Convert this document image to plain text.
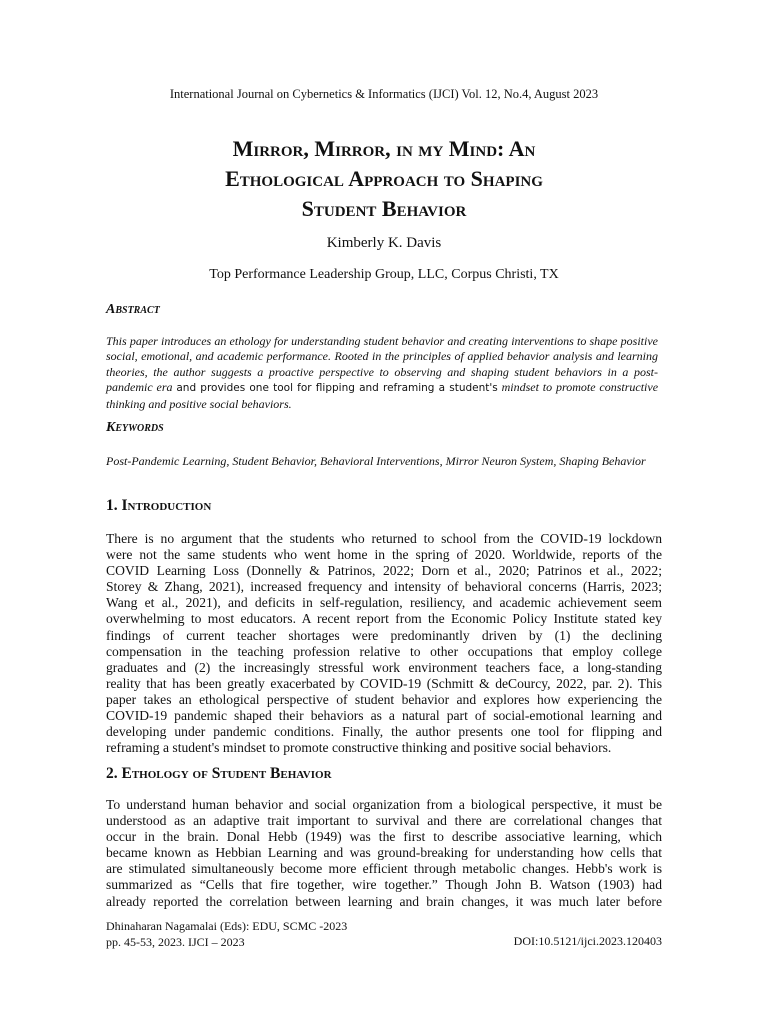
International Journal on Cybernetics & Informatics (IJCI) Vol. 12, No.4, August 2023
Mirror, Mirror, in my Mind: An
Ethological Approach to Shaping
Student Behavior
Kimberly K. Davis
Top Performance Leadership Group, LLC, Corpus Christi, TX
Abstract

This paper introduces an ethology for understanding student behavior and creating interventions to shape positive social, emotional, and academic performance. Rooted in the principles of applied behavior analysis and learning theories, the author suggests a proactive perspective to observing and shaping student behaviors in a post-pandemic era and provides one tool for flipping and reframing a student's mindset to promote constructive thinking and positive social behaviors.

Keywords

Post-Pandemic Learning, Student Behavior, Behavioral Interventions, Mirror Neuron System, Shaping Behavior

1. Introduction
There is no argument that the students who returned to school from the COVID-19 lockdown
were not the same students who went home in the spring of 2020. Worldwide, reports of the
COVID Learning Loss (Donnelly & Patrinos, 2022; Dorn et al., 2020; Patrinos et al., 2022;
Storey & Zhang, 2021), increased frequency and intensity of behavioral concerns (Harris, 2023;
Wang et al., 2021), and deficits in self-regulation, resiliency, and academic achievement seem
overwhelming to most educators. A recent report from the Economic Policy Institute stated key
findings of current teacher shortages were predominantly driven by (1) the declining
compensation in the teaching profession relative to other occupations that employ college
graduates and (2) the increasingly stressful work environment teachers face, a long-standing
reality that has been greatly exacerbated by COVID-19 (Schmitt & deCourcy, 2022, par. 2). This
paper takes an ethological perspective of student behavior and explores how experiencing the
COVID-19 pandemic shaped their behaviors as a natural part of social-emotional learning and
developing under pandemic conditions. Finally, the author presents one tool for flipping and
reframing a student's mindset to promote constructive thinking and positive social behaviors.
2. Ethology of Student Behavior
To understand human behavior and social organization from a biological perspective, it must be
understood as an adaptive trait important to survival and there are correlational changes that
occur in the brain. Donal Hebb (1949) was the first to describe associative learning, which
became known as Hebbian Learning and was ground-breaking for understanding how cells that
are stimulated simultaneously become more efficient through metabolic changes. Hebb's work is
summarized as “Cells that fire together, wire together.” Though John B. Watson (1903) had
already reported the correlation between learning and brain changes, it was much later before
Dhinaharan Nagamalai (Eds): EDU, SCMC -2023
pp. 45-53, 2023. IJCI – 2023	DOI:10.5121/ijci.2023.120403
